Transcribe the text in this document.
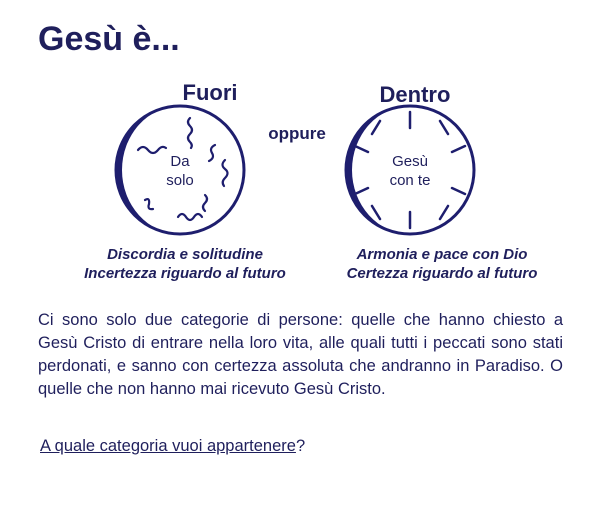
Gesù è...
Fuori	Dentro
oppure
Da
solo
Gesù
con te
Discordia e solitudine
Incertezza riguardo al futuro
Armonia e pace con Dio
Certezza riguardo al futuro
Ci sono solo due categorie di persone: quelle che hanno chiesto a Gesù Cristo di entrare nella loro vita, alle quali tutti i peccati sono stati perdonati, e sanno con certezza assoluta che andranno in Paradiso. O quelle che non hanno mai ricevuto Gesù Cristo.
A quale categoria vuoi appartenere?
